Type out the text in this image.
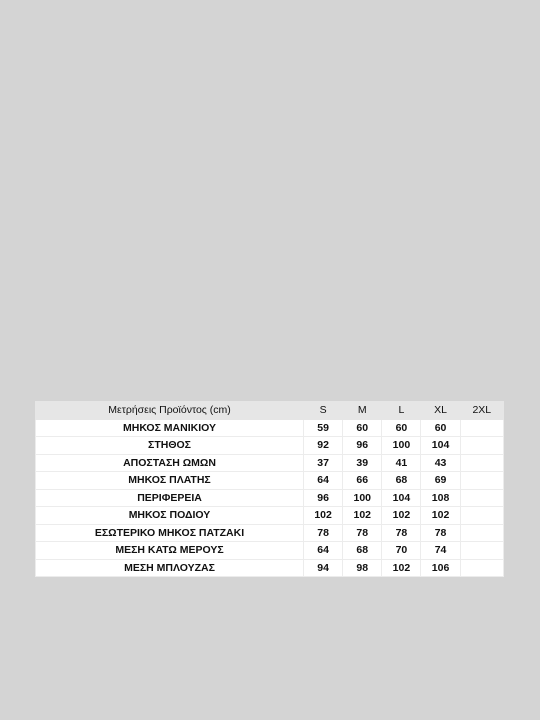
Μετρήσεις Προϊόντος (cm)	S	M	L	XL	2XL
ΜΗΚΟΣ ΜΑΝΙΚΙΟΥ	59	60	60	60	
ΣΤΗΘΟΣ	92	96	100	104	
ΑΠΟΣΤΑΣΗ ΩΜΩΝ	37	39	41	43	
ΜΗΚΟΣ ΠΛΑΤΗΣ	64	66	68	69	
ΠΕΡΙΦΕΡΕΙΑ	96	100	104	108	
ΜΗΚΟΣ ΠΟΔΙΟΥ	102	102	102	102	
ΕΣΩΤΕΡΙΚΟ ΜΗΚΟΣ ΠΑΤΖΑΚΙ	78	78	78	78	
ΜΕΣΗ ΚΑΤΩ ΜΕΡΟΥΣ	64	68	70	74	
ΜΕΣΗ ΜΠΛΟΥΖΑΣ	94	98	102	106	
